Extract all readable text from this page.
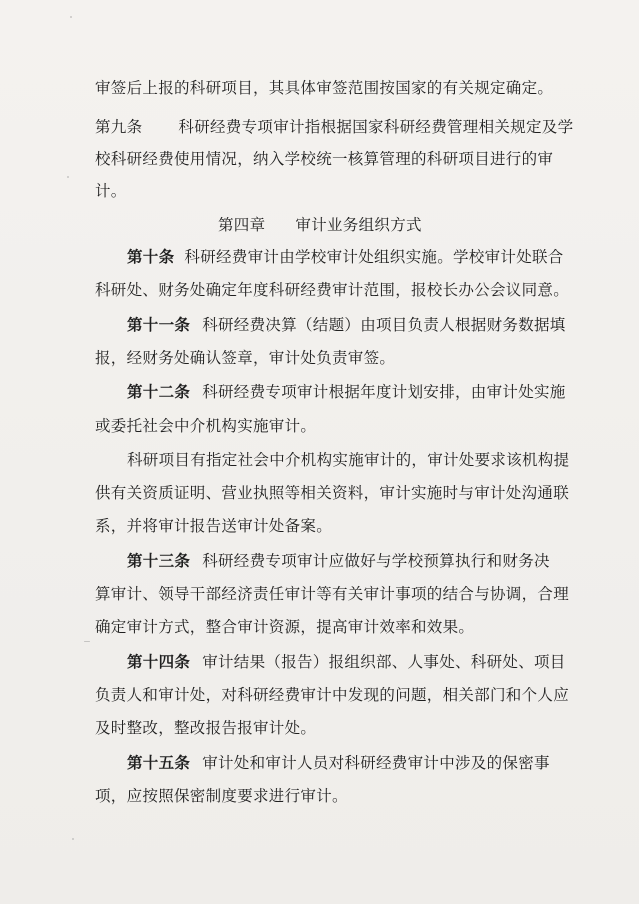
审签后上报的科研项目，其具体审签范围按国家的有关规定确定。
第九条 科研经费专项审计指根据国家科研经费管理相关规定及学
校科研经费使用情况，纳入学校统一核算管理的科研项目进行的审
计。
第四章 审计业务组织方式
第十条 科研经费审计由学校审计处组织实施。学校审计处联合
科研处、财务处确定年度科研经费审计范围，报校长办公会议同意。
第十一条 科研经费决算（结题）由项目负责人根据财务数据填
报，经财务处确认签章，审计处负责审签。
第十二条 科研经费专项审计根据年度计划安排，由审计处实施
或委托社会中介机构实施审计。
科研项目有指定社会中介机构实施审计的，审计处要求该机构提
供有关资质证明、营业执照等相关资料，审计实施时与审计处沟通联
系，并将审计报告送审计处备案。
第十三条 科研经费专项审计应做好与学校预算执行和财务决
算审计、领导干部经济责任审计等有关审计事项的结合与协调，合理
确定审计方式，整合审计资源，提高审计效率和效果。
第十四条 审计结果（报告）报组织部、人事处、科研处、项目
负责人和审计处，对科研经费审计中发现的问题，相关部门和个人应
及时整改，整改报告报审计处。
第十五条 审计处和审计人员对科研经费审计中涉及的保密事
项，应按照保密制度要求进行审计。
